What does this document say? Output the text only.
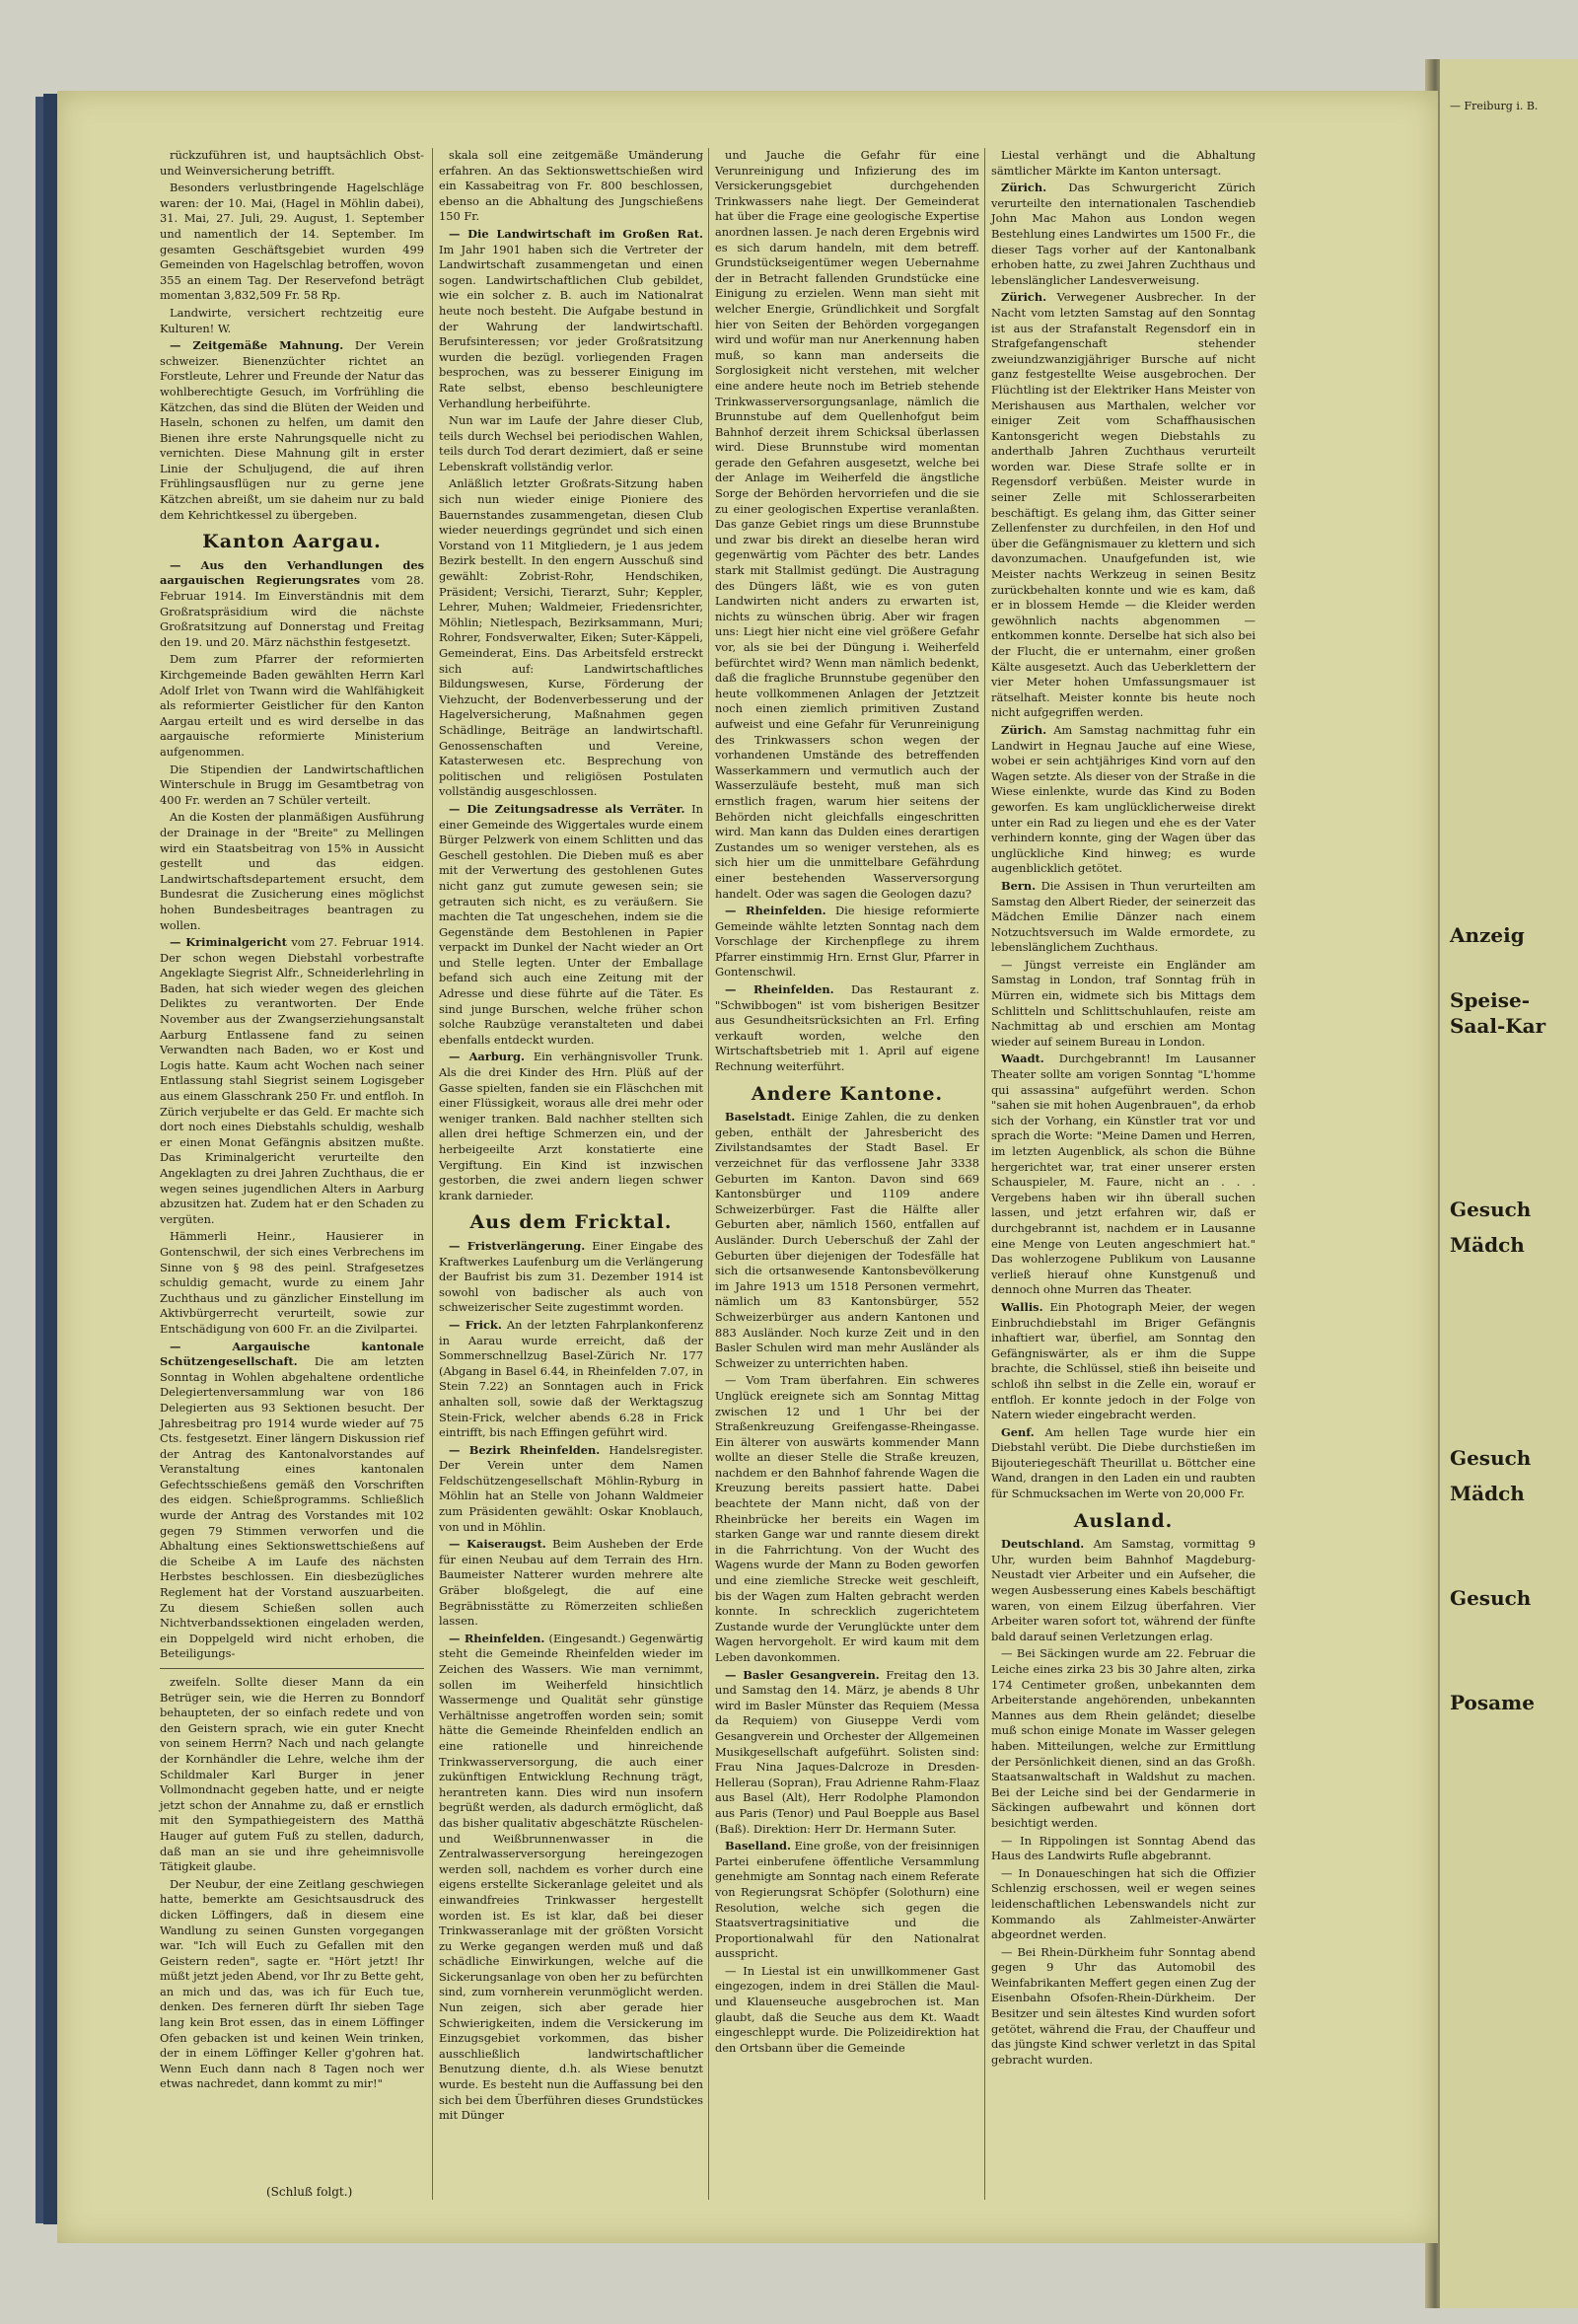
— Freiburg i. B.
Anzeig
Speise-
Saal-Kar
Gesuch
Mädch
Gesuch
Mädch
Gesuch
Posame

rückzuführen ist, und hauptsächlich Obst- und Weinversicherung betrifft.

Besonders verlustbringende Hagelschläge waren: der 10. Mai, (Hagel in Möhlin dabei), 31. Mai, 27. Juli, 29. August, 1. September und namentlich der 14. September. Im gesamten Geschäftsgebiet wurden 499 Gemeinden von Hagelschlag betroffen, wovon 355 an einem Tag. Der Reservefond beträgt momentan 3,832,509 Fr. 58 Rp.

Landwirte, versichert rechtzeitig eure Kulturen! W.

— Zeitgemäße Mahnung. Der Verein schweizer. Bienenzüchter richtet an Forstleute, Lehrer und Freunde der Natur das wohlberechtigte Gesuch, im Vorfrühling die Kätzchen, das sind die Blüten der Weiden und Haseln, schonen zu helfen, um damit den Bienen ihre erste Nahrungsquelle nicht zu vernichten. Diese Mahnung gilt in erster Linie der Schuljugend, die auf ihren Frühlingsausflügen nur zu gerne jene Kätzchen abreißt, um sie daheim nur zu bald dem Kehrichtkessel zu übergeben.

Kanton Aargau.

— Aus den Verhandlungen des aargauischen Regierungsrates vom 28. Februar 1914. Im Einverständnis mit dem Großratspräsidium wird die nächste Großratsitzung auf Donnerstag und Freitag den 19. und 20. März nächsthin festgesetzt.

Dem zum Pfarrer der reformierten Kirchgemeinde Baden gewählten Herrn Karl Adolf Irlet von Twann wird die Wahlfähigkeit als reformierter Geistlicher für den Kanton Aargau erteilt und es wird derselbe in das aargauische reformierte Ministerium aufgenommen.

Die Stipendien der Landwirtschaftlichen Winterschule in Brugg im Gesamtbetrag von 400 Fr. werden an 7 Schüler verteilt.

An die Kosten der planmäßigen Ausführung der Drainage in der "Breite" zu Mellingen wird ein Staatsbeitrag von 15% in Aussicht gestellt und das eidgen. Landwirtschaftsdepartement ersucht, dem Bundesrat die Zusicherung eines möglichst hohen Bundesbeitrages beantragen zu wollen.

— Kriminalgericht vom 27. Februar 1914. Der schon wegen Diebstahl vorbestrafte Angeklagte Siegrist Alfr., Schneiderlehrling in Baden, hat sich wieder wegen des gleichen Deliktes zu verantworten. Der Ende November aus der Zwangserziehungsanstalt Aarburg Entlassene fand zu seinen Verwandten nach Baden, wo er Kost und Logis hatte. Kaum acht Wochen nach seiner Entlassung stahl Siegrist seinem Logisgeber aus einem Glasschrank 250 Fr. und entfloh. In Zürich verjubelte er das Geld. Er machte sich dort noch eines Diebstahls schuldig, weshalb er einen Monat Gefängnis absitzen mußte. Das Kriminalgericht verurteilte den Angeklagten zu drei Jahren Zuchthaus, die er wegen seines jugendlichen Alters in Aarburg abzusitzen hat. Zudem hat er den Schaden zu vergüten.

Hämmerli Heinr., Hausierer in Gontenschwil, der sich eines Verbrechens im Sinne von § 98 des peinl. Strafgesetzes schuldig gemacht, wurde zu einem Jahr Zuchthaus und zu gänzlicher Einstellung im Aktivbürgerrecht verurteilt, sowie zur Entschädigung von 600 Fr. an die Zivilpartei.

— Aargauische kantonale Schützengesellschaft. Die am letzten Sonntag in Wohlen abgehaltene ordentliche Delegiertenversammlung war von 186 Delegierten aus 93 Sektionen besucht. Der Jahresbeitrag pro 1914 wurde wieder auf 75 Cts. festgesetzt. Einer längern Diskussion rief der Antrag des Kantonalvorstandes auf Veranstaltung eines kantonalen Gefechtsschießens gemäß den Vorschriften des eidgen. Schießprogramms. Schließlich wurde der Antrag des Vorstandes mit 102 gegen 79 Stimmen verworfen und die Abhaltung eines Sektionswettschießens auf die Scheibe A im Laufe des nächsten Herbstes beschlossen. Ein diesbezügliches Reglement hat der Vorstand auszuarbeiten. Zu diesem Schießen sollen auch Nichtverbandssektionen eingeladen werden, ein Doppelgeld wird nicht erhoben, die Beteiligungs-

zweifeln. Sollte dieser Mann da ein Betrüger sein, wie die Herren zu Bonndorf behaupteten, der so einfach redete und von den Geistern sprach, wie ein guter Knecht von seinem Herrn? Nach und nach gelangte der Kornhändler die Lehre, welche ihm der Schildmaler Karl Burger in jener Vollmondnacht gegeben hatte, und er neigte jetzt schon der Annahme zu, daß er ernstlich mit den Sympathiegeistern des Matthä Hauger auf gutem Fuß zu stellen, dadurch, daß man an sie und ihre geheimnisvolle Tätigkeit glaube.

Der Neubur, der eine Zeitlang geschwiegen hatte, bemerkte am Gesichtsausdruck des dicken Löffingers, daß in diesem eine Wandlung zu seinen Gunsten vorgegangen war. "Ich will Euch zu Gefallen mit den Geistern reden", sagte er. "Hört jetzt! Ihr müßt jetzt jeden Abend, vor Ihr zu Bette geht, an mich und das, was ich für Euch tue, denken. Des ferneren dürft Ihr sieben Tage lang kein Brot essen, das in einem Löffinger Ofen gebacken ist und keinen Wein trinken, der in einem Löffinger Keller g'gohren hat. Wenn Euch dann nach 8 Tagen noch wer etwas nachredet, dann kommt zu mir!"

skala soll eine zeitgemäße Umänderung erfahren. An das Sektionswettschießen wird ein Kassabeitrag von Fr. 800 beschlossen, ebenso an die Abhaltung des Jungschießens 150 Fr.

— Die Landwirtschaft im Großen Rat. Im Jahr 1901 haben sich die Vertreter der Landwirtschaft zusammengetan und einen sogen. Landwirtschaftlichen Club gebildet, wie ein solcher z. B. auch im Nationalrat heute noch besteht. Die Aufgabe bestund in der Wahrung der landwirtschaftl. Berufsinteressen; vor jeder Großratsitzung wurden die bezügl. vorliegenden Fragen besprochen, was zu besserer Einigung im Rate selbst, ebenso beschleunigtere Verhandlung herbeiführte.

Nun war im Laufe der Jahre dieser Club, teils durch Wechsel bei periodischen Wahlen, teils durch Tod derart dezimiert, daß er seine Lebenskraft vollständig verlor.

Anläßlich letzter Großrats-Sitzung haben sich nun wieder einige Pioniere des Bauernstandes zusammengetan, diesen Club wieder neuerdings gegründet und sich einen Vorstand von 11 Mitgliedern, je 1 aus jedem Bezirk bestellt. In den engern Ausschuß sind gewählt: Zobrist-Rohr, Hendschiken, Präsident; Versichi, Tierarzt, Suhr; Keppler, Lehrer, Muhen; Waldmeier, Friedensrichter, Möhlin; Nietlespach, Bezirksammann, Muri; Rohrer, Fondsverwalter, Eiken; Suter-Käppeli, Gemeinderat, Eins. Das Arbeitsfeld erstreckt sich auf: Landwirtschaftliches Bildungswesen, Kurse, Förderung der Viehzucht, der Bodenverbesserung und der Hagelversicherung, Maßnahmen gegen Schädlinge, Beiträge an landwirtschaftl. Genossenschaften und Vereine, Katasterwesen etc. Besprechung von politischen und religiösen Postulaten vollständig ausgeschlossen.

— Die Zeitungsadresse als Verräter. In einer Gemeinde des Wiggertales wurde einem Bürger Pelzwerk von einem Schlitten und das Geschell gestohlen. Die Dieben muß es aber mit der Verwertung des gestohlenen Gutes nicht ganz gut zumute gewesen sein; sie getrauten sich nicht, es zu veräußern. Sie machten die Tat ungeschehen, indem sie die Gegenstände dem Bestohlenen in Papier verpackt im Dunkel der Nacht wieder an Ort und Stelle legten. Unter der Emballage befand sich auch eine Zeitung mit der Adresse und diese führte auf die Täter. Es sind junge Burschen, welche früher schon solche Raubzüge veranstalteten und dabei ebenfalls entdeckt wurden.

— Aarburg. Ein verhängnisvoller Trunk. Als die drei Kinder des Hrn. Plüß auf der Gasse spielten, fanden sie ein Fläschchen mit einer Flüssigkeit, woraus alle drei mehr oder weniger tranken. Bald nachher stellten sich allen drei heftige Schmerzen ein, und der herbeigeeilte Arzt konstatierte eine Vergiftung. Ein Kind ist inzwischen gestorben, die zwei andern liegen schwer krank darnieder.

Aus dem Fricktal.

— Fristverlängerung. Einer Eingabe des Kraftwerkes Laufenburg um die Verlängerung der Baufrist bis zum 31. Dezember 1914 ist sowohl von badischer als auch von schweizerischer Seite zugestimmt worden.

— Frick. An der letzten Fahrplankonferenz in Aarau wurde erreicht, daß der Sommerschnellzug Basel-Zürich Nr. 177 (Abgang in Basel 6.44, in Rheinfelden 7.07, in Stein 7.22) an Sonntagen auch in Frick anhalten soll, sowie daß der Werktagszug Stein-Frick, welcher abends 6.28 in Frick eintrifft, bis nach Effingen geführt wird.

— Bezirk Rheinfelden. Handelsregister. Der Verein unter dem Namen Feldschützengesellschaft Möhlin-Ryburg in Möhlin hat an Stelle von Johann Waldmeier zum Präsidenten gewählt: Oskar Knoblauch, von und in Möhlin.

— Kaiseraugst. Beim Ausheben der Erde für einen Neubau auf dem Terrain des Hrn. Baumeister Natterer wurden mehrere alte Gräber bloßgelegt, die auf eine Begräbnisstätte zu Römerzeiten schließen lassen.

— Rheinfelden. (Eingesandt.) Gegenwärtig steht die Gemeinde Rheinfelden wieder im Zeichen des Wassers. Wie man vernimmt, sollen im Weiherfeld hinsichtlich Wassermenge und Qualität sehr günstige Verhältnisse angetroffen worden sein; somit hätte die Gemeinde Rheinfelden endlich an eine rationelle und hinreichende Trinkwasserversorgung, die auch einer zukünftigen Entwicklung Rechnung trägt, herantreten kann. Dies wird nun insofern begrüßt werden, als dadurch ermöglicht, daß das bisher qualitativ abgeschätzte Rüschelen- und Weißbrunnenwasser in die Zentralwasserversorgung hereingezogen werden soll, nachdem es vorher durch eine eigens erstellte Sickeranlage geleitet und als einwandfreies Trinkwasser hergestellt worden ist. Es ist klar, daß bei dieser Trinkwasseranlage mit der größten Vorsicht zu Werke gegangen werden muß und daß schädliche Einwirkungen, welche auf die Sickerungsanlage von oben her zu befürchten sind, zum vornherein verunmöglicht werden. Nun zeigen, sich aber gerade hier Schwierigkeiten, indem die Versickerung im Einzugsgebiet vorkommen, das bisher ausschließlich landwirtschaftlicher Benutzung diente, d.h. als Wiese benutzt wurde. Es besteht nun die Auffassung bei den sich bei dem Überführen dieses Grundstückes mit Dünger

und Jauche die Gefahr für eine Verunreinigung und Infizierung des im Versickerungsgebiet durchgehenden Trinkwassers nahe liegt. Der Gemeinderat hat über die Frage eine geologische Expertise anordnen lassen. Je nach deren Ergebnis wird es sich darum handeln, mit dem betreff. Grundstückseigentümer wegen Uebernahme der in Betracht fallenden Grundstücke eine Einigung zu erzielen. Wenn man sieht mit welcher Energie, Gründlichkeit und Sorgfalt hier von Seiten der Behörden vorgegangen wird und wofür man nur Anerkennung haben muß, so kann man anderseits die Sorglosigkeit nicht verstehen, mit welcher eine andere heute noch im Betrieb stehende Trinkwasserversorgungsanlage, nämlich die Brunnstube auf dem Quellenhofgut beim Bahnhof derzeit ihrem Schicksal überlassen wird. Diese Brunnstube wird momentan gerade den Gefahren ausgesetzt, welche bei der Anlage im Weiherfeld die ängstliche Sorge der Behörden hervorriefen und die sie zu einer geologischen Expertise veranlaßten. Das ganze Gebiet rings um diese Brunnstube und zwar bis direkt an dieselbe heran wird gegenwärtig vom Pächter des betr. Landes stark mit Stallmist gedüngt. Die Austragung des Düngers läßt, wie es von guten Landwirten nicht anders zu erwarten ist, nichts zu wünschen übrig. Aber wir fragen uns: Liegt hier nicht eine viel größere Gefahr vor, als sie bei der Düngung i. Weiherfeld befürchtet wird? Wenn man nämlich bedenkt, daß die fragliche Brunnstube gegenüber den heute vollkommenen Anlagen der Jetztzeit noch einen ziemlich primitiven Zustand aufweist und eine Gefahr für Verunreinigung des Trinkwassers schon wegen der vorhandenen Umstände des betreffenden Wasserkammern und vermutlich auch der Wasserzuläufe besteht, muß man sich ernstlich fragen, warum hier seitens der Behörden nicht gleichfalls eingeschritten wird. Man kann das Dulden eines derartigen Zustandes um so weniger verstehen, als es sich hier um die unmittelbare Gefährdung einer bestehenden Wasserversorgung handelt. Oder was sagen die Geologen dazu?

— Rheinfelden. Die hiesige reformierte Gemeinde wählte letzten Sonntag nach dem Vorschlage der Kirchenpflege zu ihrem Pfarrer einstimmig Hrn. Ernst Glur, Pfarrer in Gontenschwil.

— Rheinfelden. Das Restaurant z. "Schwibbogen" ist vom bisherigen Besitzer aus Gesundheitsrücksichten an Frl. Erfing verkauft worden, welche den Wirtschaftsbetrieb mit 1. April auf eigene Rechnung weiterführt.

Andere Kantone.

Baselstadt. Einige Zahlen, die zu denken geben, enthält der Jahresbericht des Zivilstandsamtes der Stadt Basel. Er verzeichnet für das verflossene Jahr 3338 Geburten im Kanton. Davon sind 669 Kantonsbürger und 1109 andere Schweizerbürger. Fast die Hälfte aller Geburten aber, nämlich 1560, entfallen auf Ausländer. Durch Ueberschuß der Zahl der Geburten über diejenigen der Todesfälle hat sich die ortsanwesende Kantonsbevölkerung im Jahre 1913 um 1518 Personen vermehrt, nämlich um 83 Kantonsbürger, 552 Schweizerbürger aus andern Kantonen und 883 Ausländer. Noch kurze Zeit und in den Basler Schulen wird man mehr Ausländer als Schweizer zu unterrichten haben.

— Vom Tram überfahren. Ein schweres Unglück ereignete sich am Sonntag Mittag zwischen 12 und 1 Uhr bei der Straßenkreuzung Greifengasse-Rheingasse. Ein älterer von auswärts kommender Mann wollte an dieser Stelle die Straße kreuzen, nachdem er den Bahnhof fahrende Wagen die Kreuzung bereits passiert hatte. Dabei beachtete der Mann nicht, daß von der Rheinbrücke her bereits ein Wagen im starken Gange war und rannte diesem direkt in die Fahrrichtung. Von der Wucht des Wagens wurde der Mann zu Boden geworfen und eine ziemliche Strecke weit geschleift, bis der Wagen zum Halten gebracht werden konnte. In schrecklich zugerichtetem Zustande wurde der Verunglückte unter dem Wagen hervorgeholt. Er wird kaum mit dem Leben davonkommen.

— Basler Gesangverein. Freitag den 13. und Samstag den 14. März, je abends 8 Uhr wird im Basler Münster das Requiem (Messa da Requiem) von Giuseppe Verdi vom Gesangverein und Orchester der Allgemeinen Musikgesellschaft aufgeführt. Solisten sind: Frau Nina Jaques-Dalcroze in Dresden-Hellerau (Sopran), Frau Adrienne Rahm-Flaaz aus Basel (Alt), Herr Rodolphe Plamondon aus Paris (Tenor) und Paul Boepple aus Basel (Baß). Direktion: Herr Dr. Hermann Suter.

Baselland. Eine große, von der freisinnigen Partei einberufene öffentliche Versammlung genehmigte am Sonntag nach einem Referate von Regierungsrat Schöpfer (Solothurn) eine Resolution, welche sich gegen die Staatsvertragsinitiative und die Proportionalwahl für den Nationalrat ausspricht.

— In Liestal ist ein unwillkommener Gast eingezogen, indem in drei Ställen die Maul- und Klauenseuche ausgebrochen ist. Man glaubt, daß die Seuche aus dem Kt. Waadt eingeschleppt wurde. Die Polizeidirektion hat den Ortsbann über die Gemeinde

Liestal verhängt und die Abhaltung sämtlicher Märkte im Kanton untersagt.

Zürich. Das Schwurgericht Zürich verurteilte den internationalen Taschendieb John Mac Mahon aus London wegen Bestehlung eines Landwirtes um 1500 Fr., die dieser Tags vorher auf der Kantonalbank erhoben hatte, zu zwei Jahren Zuchthaus und lebenslänglicher Landesverweisung.

Zürich. Verwegener Ausbrecher. In der Nacht vom letzten Samstag auf den Sonntag ist aus der Strafanstalt Regensdorf ein in Strafgefangenschaft stehender zweiundzwanzigjähriger Bursche auf nicht ganz festgestellte Weise ausgebrochen. Der Flüchtling ist der Elektriker Hans Meister von Merishausen aus Marthalen, welcher vor einiger Zeit vom Schaffhausischen Kantonsgericht wegen Diebstahls zu anderthalb Jahren Zuchthaus verurteilt worden war. Diese Strafe sollte er in Regensdorf verbüßen. Meister wurde in seiner Zelle mit Schlosserarbeiten beschäftigt. Es gelang ihm, das Gitter seiner Zellenfenster zu durchfeilen, in den Hof und über die Gefängnismauer zu klettern und sich davonzumachen. Unaufgefunden ist, wie Meister nachts Werkzeug in seinen Besitz zurückbehalten konnte und wie es kam, daß er in blossem Hemde — die Kleider werden gewöhnlich nachts abgenommen — entkommen konnte. Derselbe hat sich also bei der Flucht, die er unternahm, einer großen Kälte ausgesetzt. Auch das Ueberklettern der vier Meter hohen Umfassungsmauer ist rätselhaft. Meister konnte bis heute noch nicht aufgegriffen werden.

Zürich. Am Samstag nachmittag fuhr ein Landwirt in Hegnau Jauche auf eine Wiese, wobei er sein achtjähriges Kind vorn auf den Wagen setzte. Als dieser von der Straße in die Wiese einlenkte, wurde das Kind zu Boden geworfen. Es kam unglücklicherweise direkt unter ein Rad zu liegen und ehe es der Vater verhindern konnte, ging der Wagen über das unglückliche Kind hinweg; es wurde augenblicklich getötet.

Bern. Die Assisen in Thun verurteilten am Samstag den Albert Rieder, der seinerzeit das Mädchen Emilie Dänzer nach einem Notzuchtsversuch im Walde ermordete, zu lebenslänglichem Zuchthaus.

— Jüngst verreiste ein Engländer am Samstag in London, traf Sonntag früh in Mürren ein, widmete sich bis Mittags dem Schlitteln und Schlittschuhlaufen, reiste am Nachmittag ab und erschien am Montag wieder auf seinem Bureau in London.

Waadt. Durchgebrannt! Im Lausanner Theater sollte am vorigen Sonntag "L'homme qui assassina" aufgeführt werden. Schon "sahen sie mit hohen Augenbrauen", da erhob sich der Vorhang, ein Künstler trat vor und sprach die Worte: "Meine Damen und Herren, im letzten Augenblick, als schon die Bühne hergerichtet war, trat einer unserer ersten Schauspieler, M. Faure, nicht an . . . Vergebens haben wir ihn überall suchen lassen, und jetzt erfahren wir, daß er durchgebrannt ist, nachdem er in Lausanne eine Menge von Leuten angeschmiert hat." Das wohlerzogene Publikum von Lausanne verließ hierauf ohne Kunstgenuß und dennoch ohne Murren das Theater.

Wallis. Ein Photograph Meier, der wegen Einbruchdiebstahl im Briger Gefängnis inhaftiert war, überfiel, am Sonntag den Gefängniswärter, als er ihm die Suppe brachte, die Schlüssel, stieß ihn beiseite und schloß ihn selbst in die Zelle ein, worauf er entfloh. Er konnte jedoch in der Folge von Natern wieder eingebracht werden.

Genf. Am hellen Tage wurde hier ein Diebstahl verübt. Die Diebe durchstießen im Bijouteriegeschäft Theurillat u. Böttcher eine Wand, drangen in den Laden ein und raubten für Schmucksachen im Werte von 20,000 Fr.

Ausland.

Deutschland. Am Samstag, vormittag 9 Uhr, wurden beim Bahnhof Magdeburg-Neustadt vier Arbeiter und ein Aufseher, die wegen Ausbesserung eines Kabels beschäftigt waren, von einem Eilzug überfahren. Vier Arbeiter waren sofort tot, während der fünfte bald darauf seinen Verletzungen erlag.

— Bei Säckingen wurde am 22. Februar die Leiche eines zirka 23 bis 30 Jahre alten, zirka 174 Centimeter großen, unbekannten dem Arbeiterstande angehörenden, unbekannten Mannes aus dem Rhein geländet; dieselbe muß schon einige Monate im Wasser gelegen haben. Mitteilungen, welche zur Ermittlung der Persönlichkeit dienen, sind an das Großh. Staatsanwaltschaft in Waldshut zu machen. Bei der Leiche sind bei der Gendarmerie in Säckingen aufbewahrt und können dort besichtigt werden.

— In Rippolingen ist Sonntag Abend das Haus des Landwirts Rufle abgebrannt.

— In Donaueschingen hat sich die Offizier Schlenzig erschossen, weil er wegen seines leidenschaftlichen Lebenswandels nicht zur Kommando als Zahlmeister-Anwärter abgeordnet werden.

— Bei Rhein-Dürkheim fuhr Sonntag abend gegen 9 Uhr das Automobil des Weinfabrikanten Meffert gegen einen Zug der Eisenbahn Ofsofen-Rhein-Dürkheim. Der Besitzer und sein ältestes Kind wurden sofort getötet, während die Frau, der Chauffeur und das jüngste Kind schwer verletzt in das Spital gebracht wurden.

(Schluß folgt.)
